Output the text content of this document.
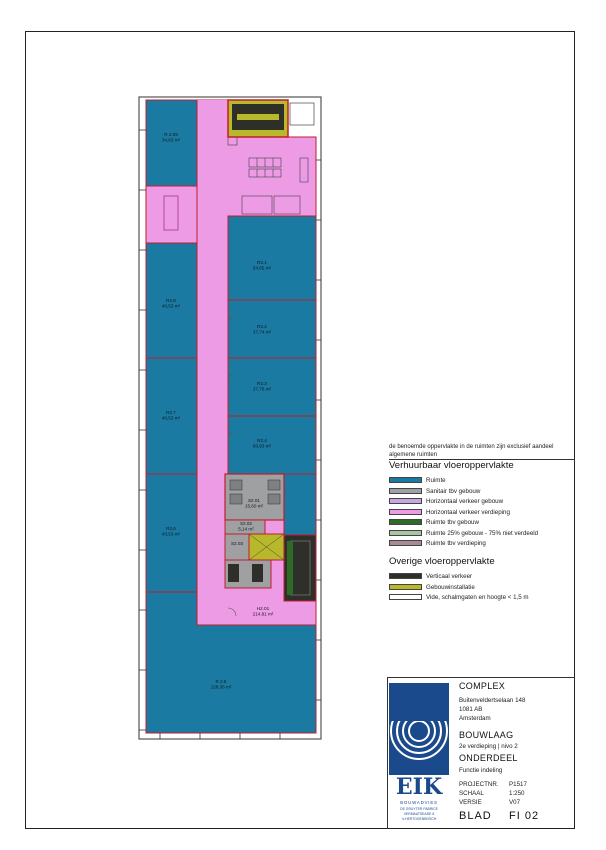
R 2.09
34,63 m²
R2.1
54,65 m²
R2.8
40,53 m²
R2.2
37,74 m²
R2.3
37,76 m²
R2.7
40,53 m²
R2.4
50,93 m²
R2.6
40,53 m²
R 2.5
158,36 m²
H2.01
214,81 m²
S2.01
15,60 m²
S2.02
5,14 m²
S2.03
de benoemde oppervlakte in de ruimten zijn exclusief aandeel algemene ruimten
Verhuurbaar vloeroppervlakte
Ruimte
Sanitair tbv gebouw
Horizontaal verkeer gebouw
Horizontaal verkeer verdieping
Ruimte tbv gebouw
Ruimte 25% gebouw - 75% niet verdeeld
Ruimte tbv verdieping
Overige vloeroppervlakte
Verticaal verkeer
Gebouwinstallatie
Vide, schalmgaten en hoogte < 1,5 m
EIK
BOUWADVIES
DE GRUYTER FABRICE
VERMAATSEADE 8
's-HERTOGENBOSCH
COMPLEX
Buitenveldertselaan 148
1081 AB
Amsterdam
BOUWLAAG
2e verdieping | nivo 2
ONDERDEEL
Functie indeling
PROJECTNR. P1517
SCHAAL	1:250
VERSIE	V07
BLAD FI 02
